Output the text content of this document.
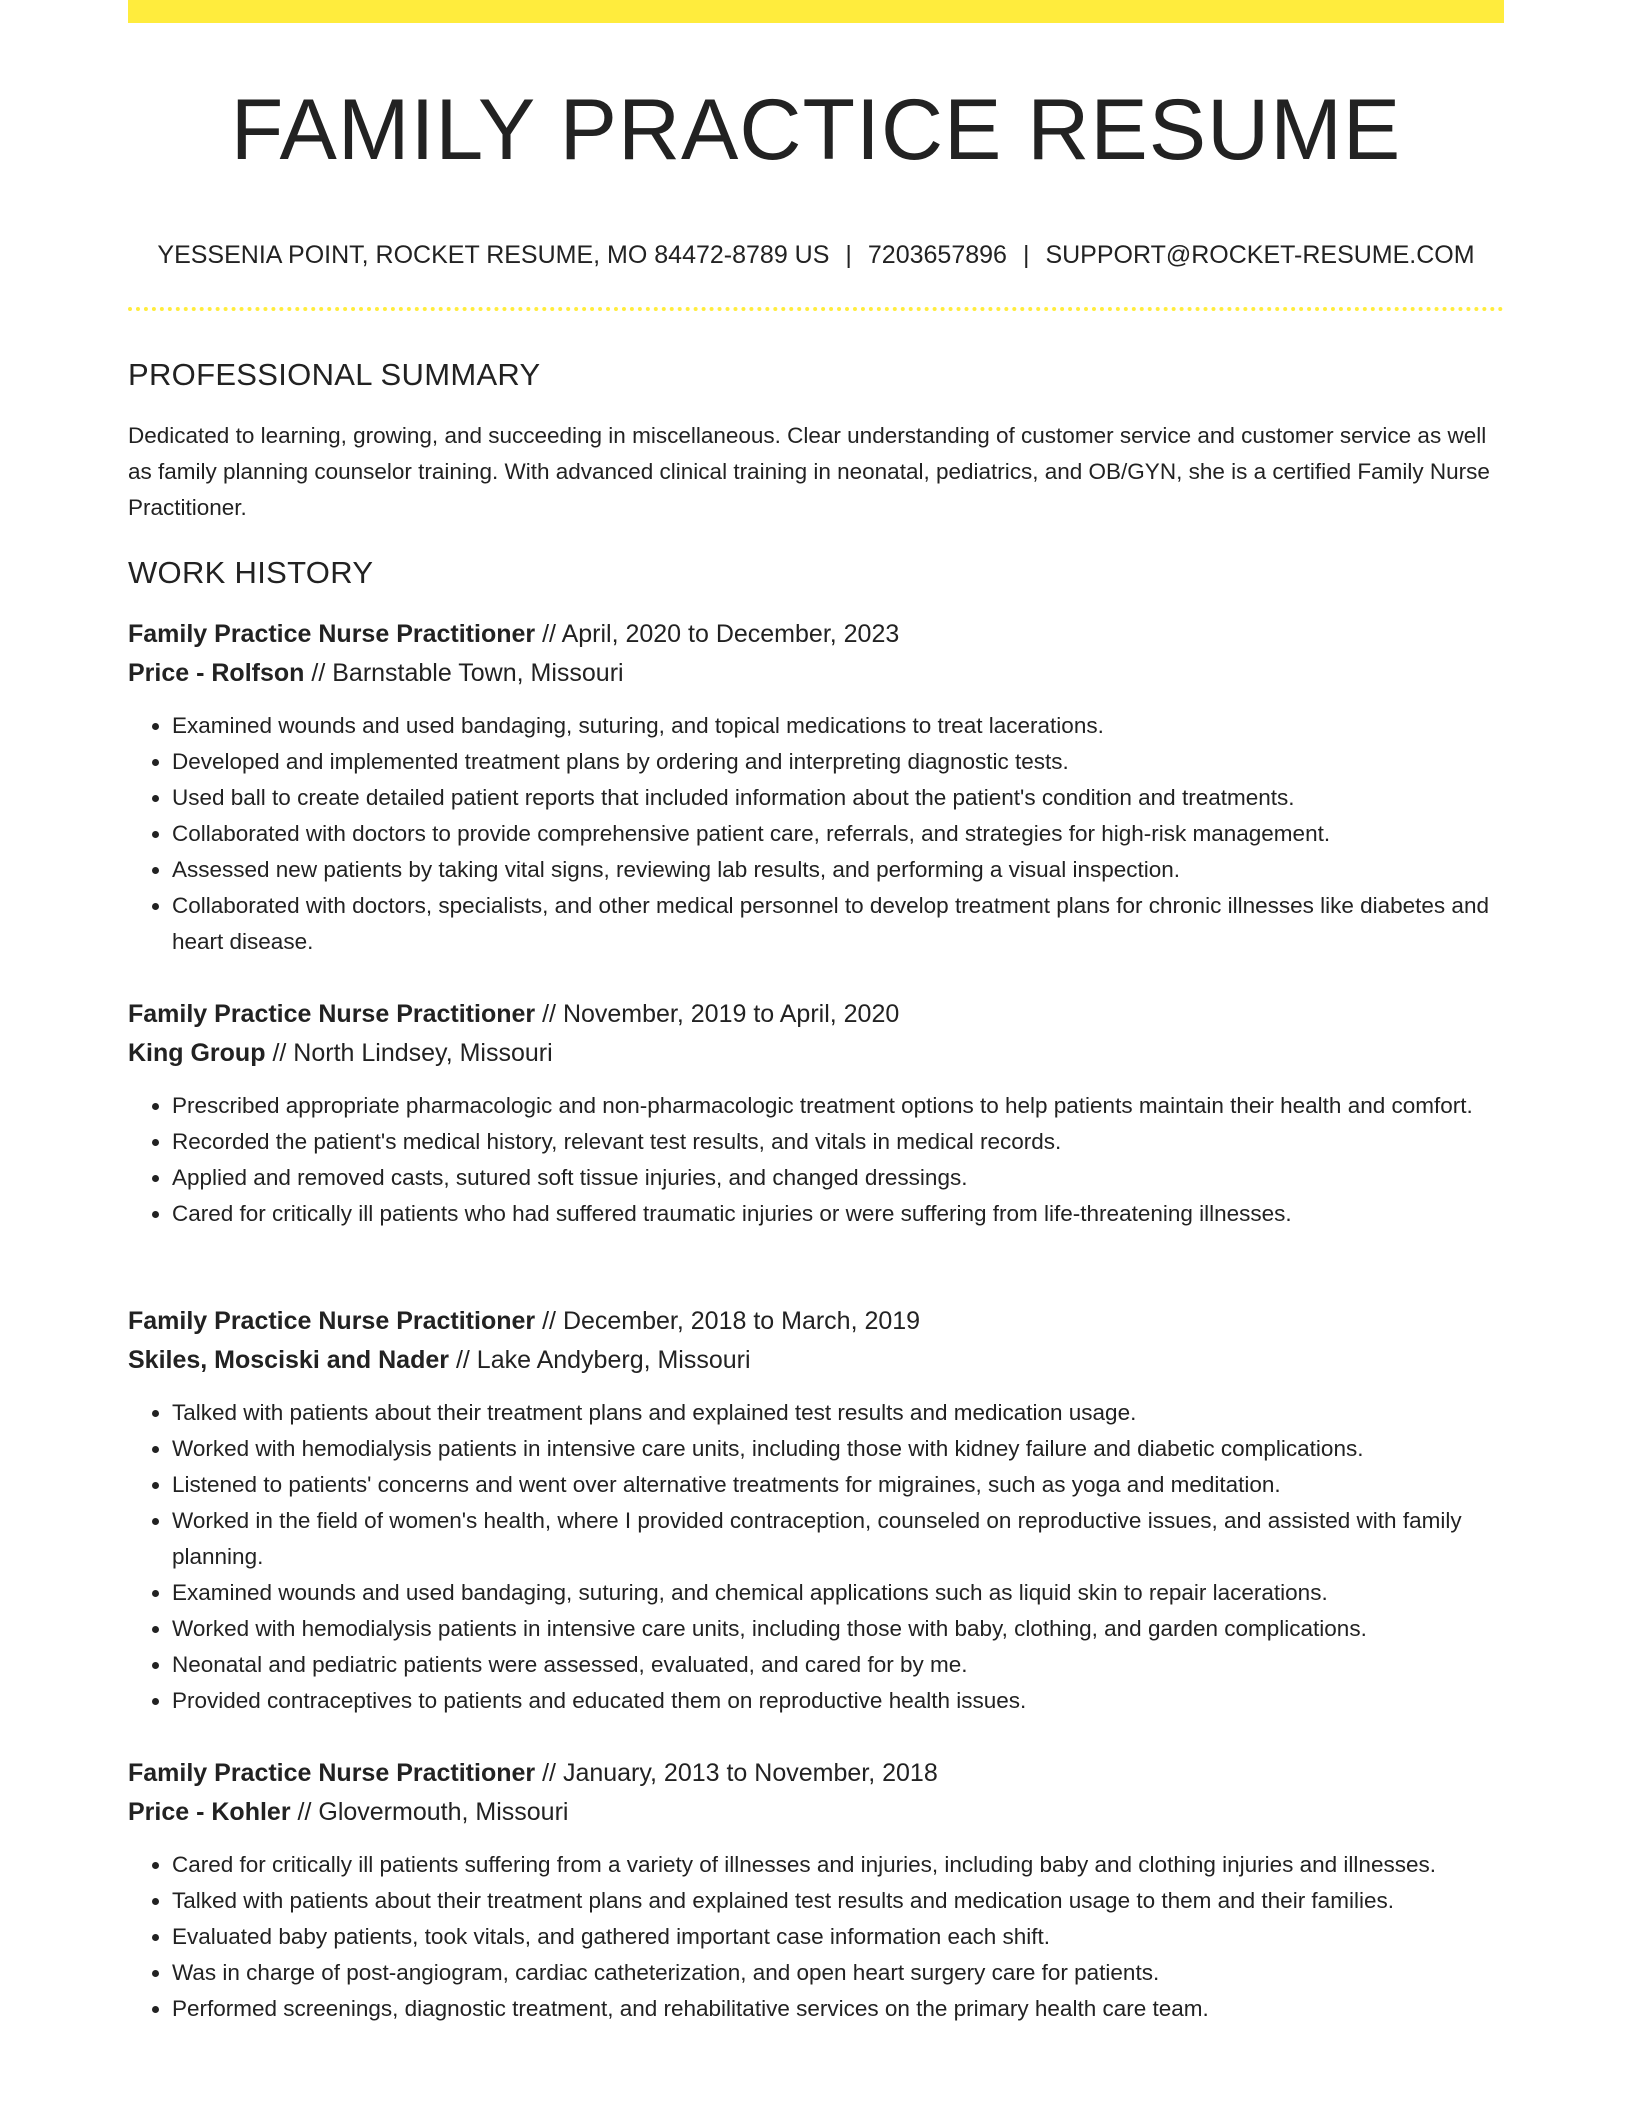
FAMILY PRACTICE RESUME
YESSENIA POINT, ROCKET RESUME, MO 84472-8789 US | 7203657896 | SUPPORT@ROCKET-RESUME.COM
PROFESSIONAL SUMMARY

Dedicated to learning, growing, and succeeding in miscellaneous. Clear understanding of customer service and customer service as well as family planning counselor training. With advanced clinical training in neonatal, pediatrics, and OB/GYN, she is a certified Family Nurse Practitioner.

WORK HISTORY

Family Practice Nurse Practitioner // April, 2020 to December, 2023

Price - Rolfson // Barnstable Town, Missouri

• Examined wounds and used bandaging, suturing, and topical medications to treat lacerations.
• Developed and implemented treatment plans by ordering and interpreting diagnostic tests.
• Used ball to create detailed patient reports that included information about the patient's condition and treatments.
• Collaborated with doctors to provide comprehensive patient care, referrals, and strategies for high-risk management.
• Assessed new patients by taking vital signs, reviewing lab results, and performing a visual inspection.
• Collaborated with doctors, specialists, and other medical personnel to develop treatment plans for chronic illnesses like diabetes and heart disease.

Family Practice Nurse Practitioner // November, 2019 to April, 2020

King Group // North Lindsey, Missouri

• Prescribed appropriate pharmacologic and non-pharmacologic treatment options to help patients maintain their health and comfort.
• Recorded the patient's medical history, relevant test results, and vitals in medical records.
• Applied and removed casts, sutured soft tissue injuries, and changed dressings.
• Cared for critically ill patients who had suffered traumatic injuries or were suffering from life-threatening illnesses.

Family Practice Nurse Practitioner // December, 2018 to March, 2019

Skiles, Mosciski and Nader // Lake Andyberg, Missouri

• Talked with patients about their treatment plans and explained test results and medication usage.
• Worked with hemodialysis patients in intensive care units, including those with kidney failure and diabetic complications.
• Listened to patients' concerns and went over alternative treatments for migraines, such as yoga and meditation.
• Worked in the field of women's health, where I provided contraception, counseled on reproductive issues, and assisted with family planning.
• Examined wounds and used bandaging, suturing, and chemical applications such as liquid skin to repair lacerations.
• Worked with hemodialysis patients in intensive care units, including those with baby, clothing, and garden complications.
• Neonatal and pediatric patients were assessed, evaluated, and cared for by me.
• Provided contraceptives to patients and educated them on reproductive health issues.

Family Practice Nurse Practitioner // January, 2013 to November, 2018

Price - Kohler // Glovermouth, Missouri

• Cared for critically ill patients suffering from a variety of illnesses and injuries, including baby and clothing injuries and illnesses.
• Talked with patients about their treatment plans and explained test results and medication usage to them and their families.
• Evaluated baby patients, took vitals, and gathered important case information each shift.
• Was in charge of post-angiogram, cardiac catheterization, and open heart surgery care for patients.
• Performed screenings, diagnostic treatment, and rehabilitative services on the primary health care team.
